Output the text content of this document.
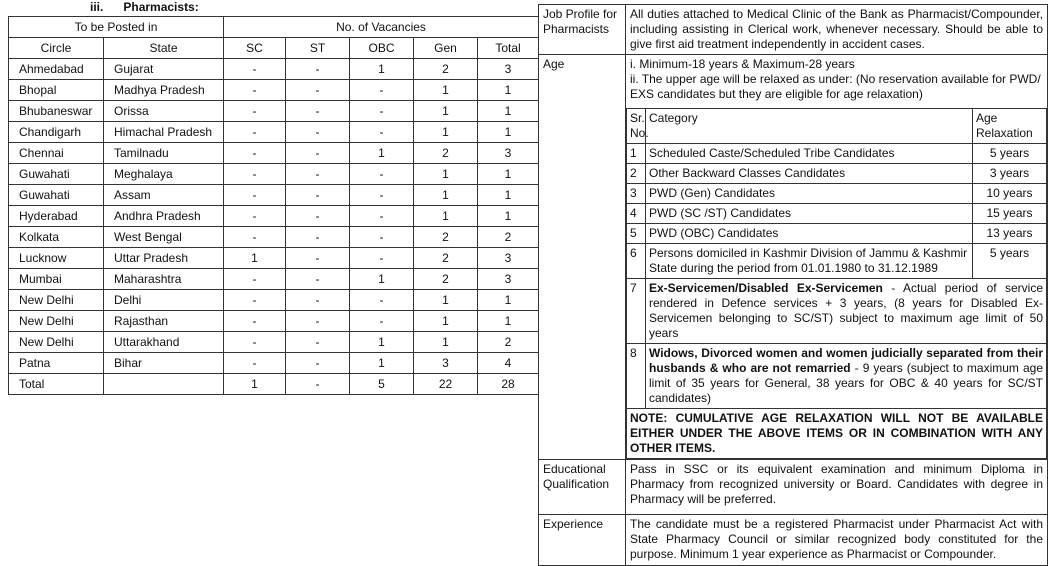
iii. Pharmacists:
To be Posted in		No. of Vacancies				
Circle	State	SC	ST	OBC	Gen	Total
Ahmedabad	Gujarat	-	-	1	2	3
Bhopal	Madhya Pradesh	-	-	-	1	1
Bhubaneswar	Orissa	-	-	-	1	1
Chandigarh	Himachal Pradesh	-	-	-	1	1
Chennai	Tamilnadu	-	-	1	2	3
Guwahati	Meghalaya	-	-	-	1	1
Guwahati	Assam	-	-	-	1	1
Hyderabad	Andhra Pradesh	-	-	-	1	1
Kolkata	West Bengal	-	-	-	2	2
Lucknow	Uttar Pradesh	1	-	-	2	3
Mumbai	Maharashtra	-	-	1	2	3
New Delhi	Delhi	-	-	-	1	1
New Delhi	Rajasthan	-	-	-	1	1
New Delhi	Uttarakhand	-	-	1	1	2
Patna	Bihar	-	-	1	3	4
Total		1	-	5	22	28
Job Profile for Pharmacists	All duties attached to Medical Clinic of the Bank as Pharmacist/Compounder, including assisting in Clerical work, whenever necessary. Should be able to give first aid treatment independently in accident cases.
Age	i. Minimum-18 years & Maximum-28 years
ii. The upper age will be relaxed as under: (No reservation available for PWD/ EXS candidates but they are eligible for age relaxation)
Sr. No.	Category	Age Relaxation
1	Scheduled Caste/Scheduled Tribe Candidates	5 years
2	Other Backward Classes Candidates	3 years
3	PWD (Gen) Candidates	10 years
4	PWD (SC /ST) Candidates	15 years
5	PWD (OBC) Candidates	13 years
6	Persons domiciled in Kashmir Division of Jammu & Kashmir State during the period from 01.01.1980 to 31.12.1989	5 years
7	Ex-Servicemen/Disabled Ex-Servicemen - Actual period of service rendered in Defence services + 3 years, (8 years for Disabled Ex-Servicemen belonging to SC/ST) subject to maximum age limit of 50 years
8	Widows, Divorced women and women judicially separated from their husbands & who are not remarried - 9 years (subject to maximum age limit of 35 years for General, 38 years for OBC & 40 years for SC/ST candidates)
NOTE: CUMULATIVE AGE RELAXATION WILL NOT BE AVAILABLE EITHER UNDER THE ABOVE ITEMS OR IN COMBINATION WITH ANY OTHER ITEMS.

Educational Qualification	Pass in SSC or its equivalent examination and minimum Diploma in Pharmacy from recognized university or Board. Candidates with degree in Pharmacy will be preferred.
Experience	The candidate must be a registered Pharmacist under Pharmacist Act with State Pharmacy Council or similar recognized body constituted for the purpose. Minimum 1 year experience as Pharmacist or Compounder.
